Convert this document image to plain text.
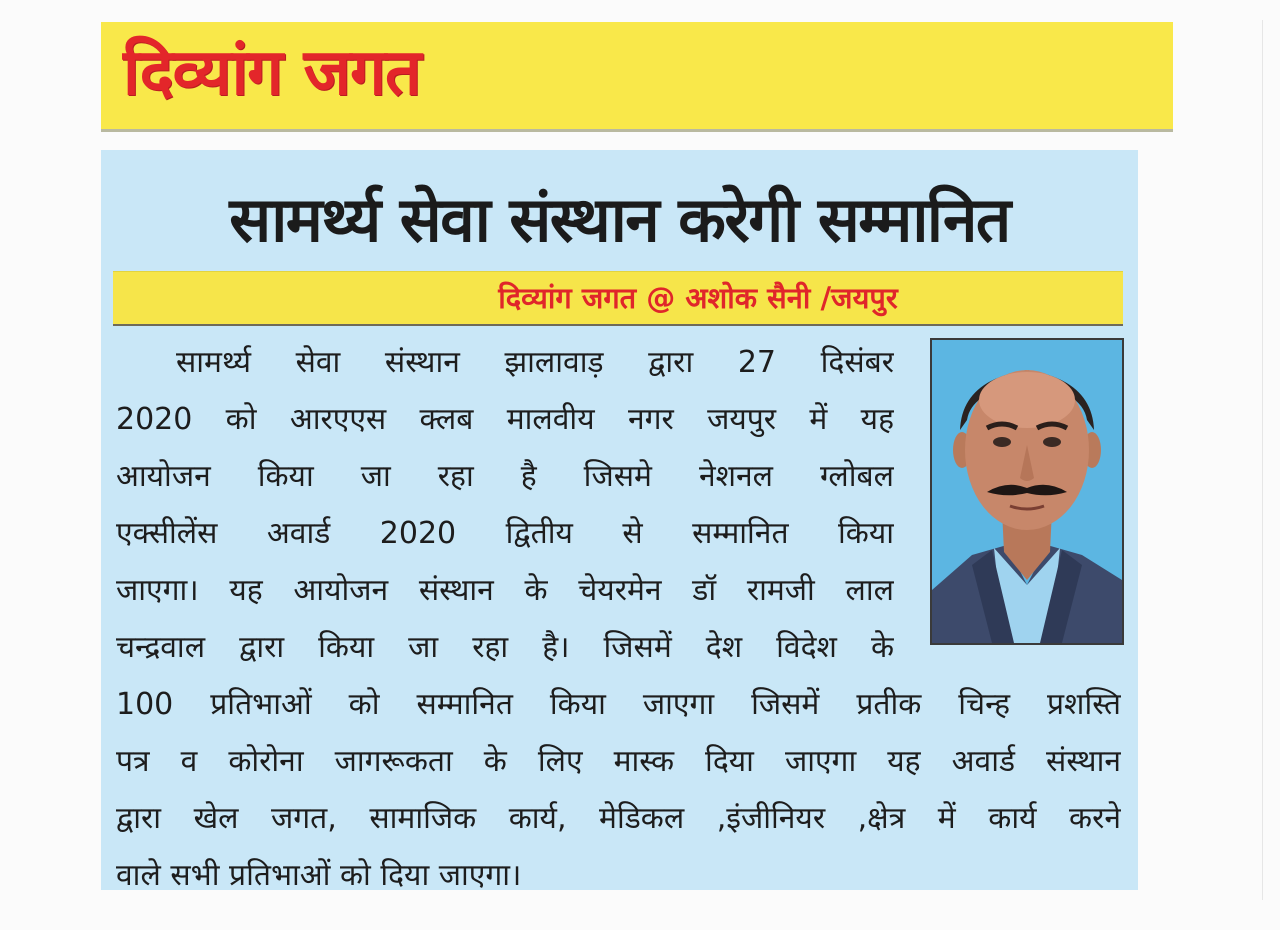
दिव्यांग जगत
सामर्थ्य सेवा संस्थान करेगी सम्मानित
दिव्यांग जगत @ अशोक सैनी /जयपुर
सामर्थ्य सेवा संस्थान झालावाड़ द्वारा 27 दिसंबर
2020 को आरएएस क्लब मालवीय नगर जयपुर में यह
आयोजन किया जा रहा है जिसमे नेशनल ग्लोबल
एक्सीलेंस अवार्ड 2020 द्वितीय से सम्मानित किया
जाएगा। यह आयोजन संस्थान के चेयरमेन डॉ रामजी लाल
चन्द्रवाल द्वारा किया जा रहा है। जिसमें देश विदेश के
100 प्रतिभाओं को सम्मानित किया जाएगा जिसमें प्रतीक चिन्ह प्रशस्ति
पत्र व कोरोना जागरूकता के लिए मास्क दिया जाएगा यह अवार्ड संस्थान
द्वारा खेल जगत, सामाजिक कार्य, मेडिकल ,इंजीनियर ,क्षेत्र में कार्य करने
वाले सभी प्रतिभाओं को दिया जाएगा।
